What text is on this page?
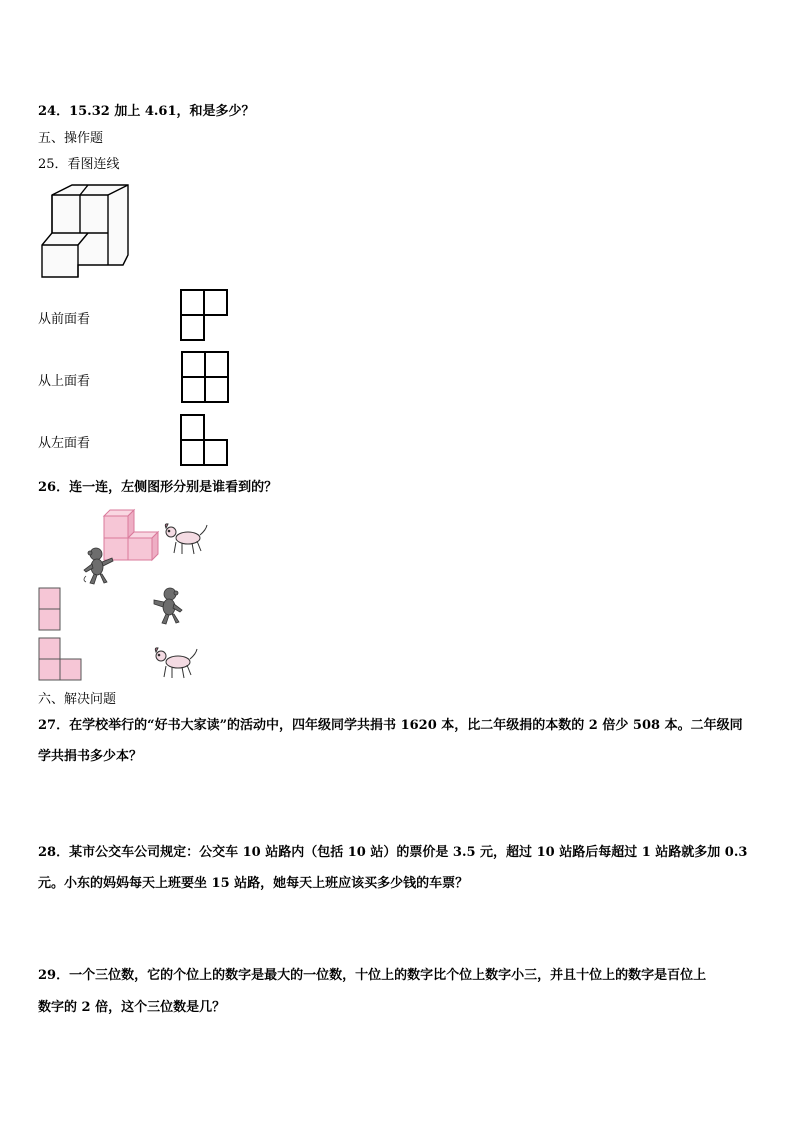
24．15.32 加上 4.61，和是多少？
五、操作题
25．看图连线
从前面看
从上面看
从左面看
26．连一连，左侧图形分别是谁看到的？
六、解决问题
27．在学校举行的“好书大家读”的活动中，四年级同学共捐书 1620 本，比二年级捐的本数的 2 倍少 508 本。二年级同
学共捐书多少本？
28．某市公交车公司规定：公交车 10 站路内（包括 10 站）的票价是 3.5 元，超过 10 站路后每超过 1 站路就多加 0.3
元。小东的妈妈每天上班要坐 15 站路，她每天上班应该买多少钱的车票？
29．一个三位数，它的个位上的数字是最大的一位数，十位上的数字比个位上数字小三，并且十位上的数字是百位上
数字的 2 倍，这个三位数是几？
